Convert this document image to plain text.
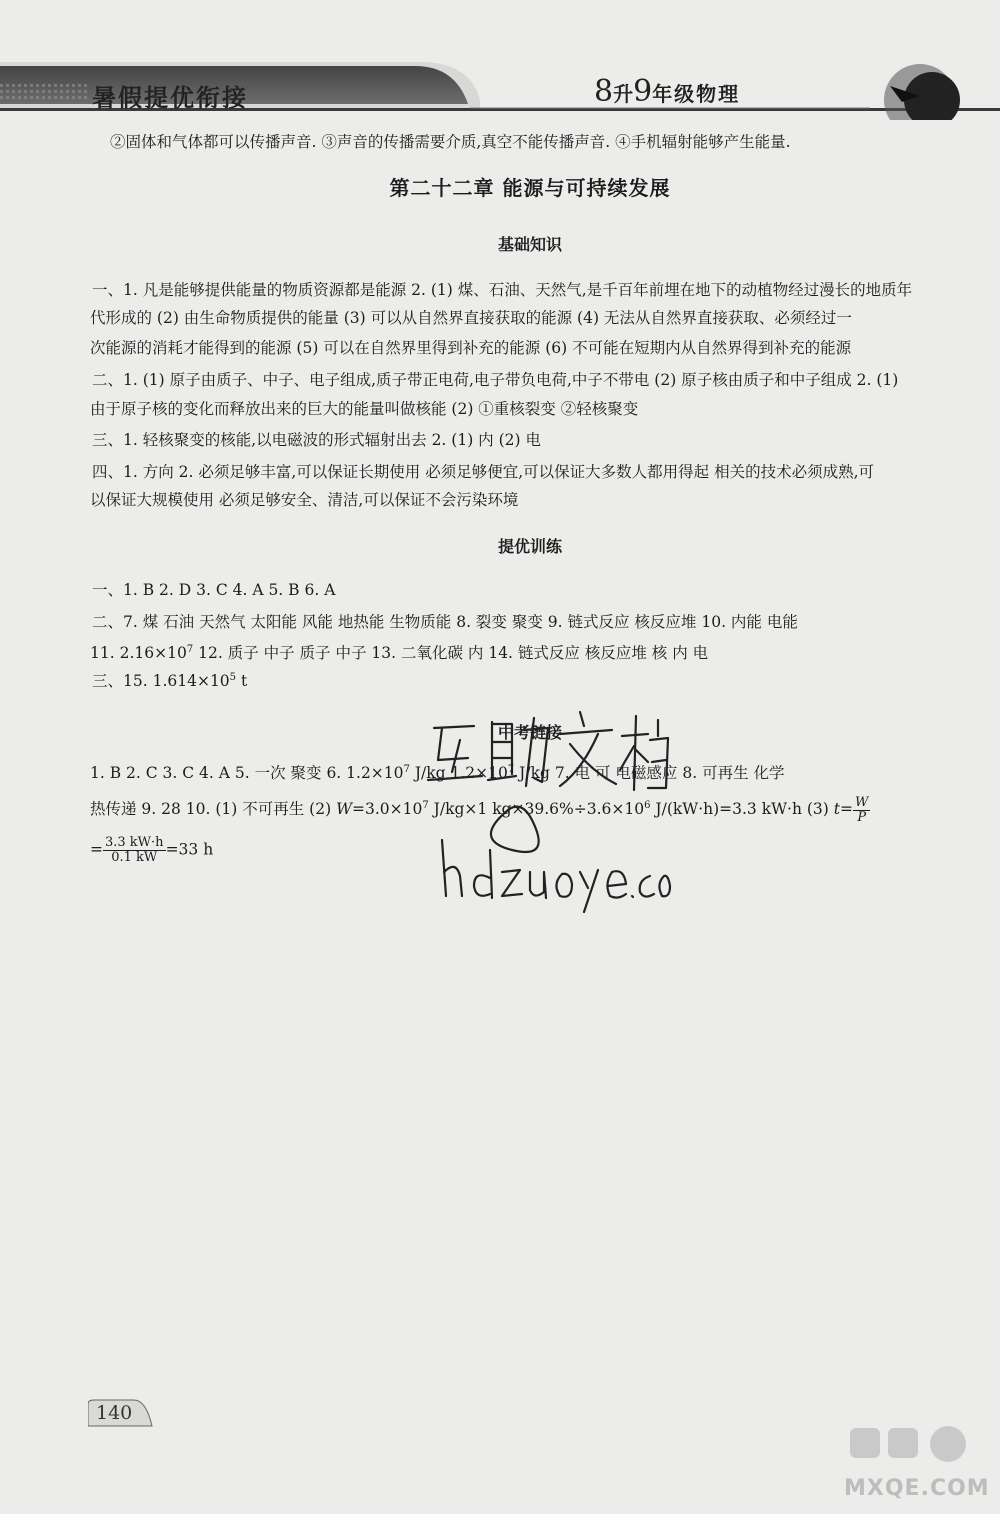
暑假提优衔接	8升9年级物理
②固体和气体都可以传播声音. ③声音的传播需要介质,真空不能传播声音. ④手机辐射能够产生能量.
第二十二章 能源与可持续发展
基础知识
一、1. 凡是能够提供能量的物质资源都是能源 2. (1) 煤、石油、天然气,是千百年前埋在地下的动植物经过漫长的地质年
代形成的 (2) 由生命物质提供的能量 (3) 可以从自然界直接获取的能源 (4) 无法从自然界直接获取、必须经过一
次能源的消耗才能得到的能源 (5) 可以在自然界里得到补充的能源 (6) 不可能在短期内从自然界得到补充的能源
二、1. (1) 原子由质子、中子、电子组成,质子带正电荷,电子带负电荷,中子不带电 (2) 原子核由质子和中子组成 2. (1)
由于原子核的变化而释放出来的巨大的能量叫做核能 (2) ①重核裂变 ②轻核聚变
三、1. 轻核聚变的核能,以电磁波的形式辐射出去 2. (1) 内 (2) 电
四、1. 方向 2. 必须足够丰富,可以保证长期使用 必须足够便宜,可以保证大多数人都用得起 相关的技术必须成熟,可
以保证大规模使用 必须足够安全、清洁,可以保证不会污染环境
提优训练
一、1. B 2. D 3. C 4. A 5. B 6. A
二、7. 煤 石油 天然气 太阳能 风能 地热能 生物质能 8. 裂变 聚变 9. 链式反应 核反应堆 10. 内能 电能
11. $2.16\times 10^7$ 12. 质子 中子 质子 中子 13. 二氧化碳 内 14. 链式反应 核反应堆 核 内 电
三、15. $1.614\times 10^5$ t
中考链接
1. B 2. C 3. C 4. A 5. 一次 聚变 6. $1.2\times 10^7$ J/kg $1.2\times 10^7$ J/kg 7. 电 可 电磁感应 8. 可再生 化学
热传递 9. 28 10. (1) 不可再生 (2) $W=3.0\times 10^7$ J/kg×1 $kg\times 39.6\%\div 3.6\times 10^6$ J/(kW·h)=3.3 kW·h (3) $t= \frac{W}{P}$
= $\frac{3.3 kW\cdot h}{0.1 kW} =33$ h
140
MXQE.COM
